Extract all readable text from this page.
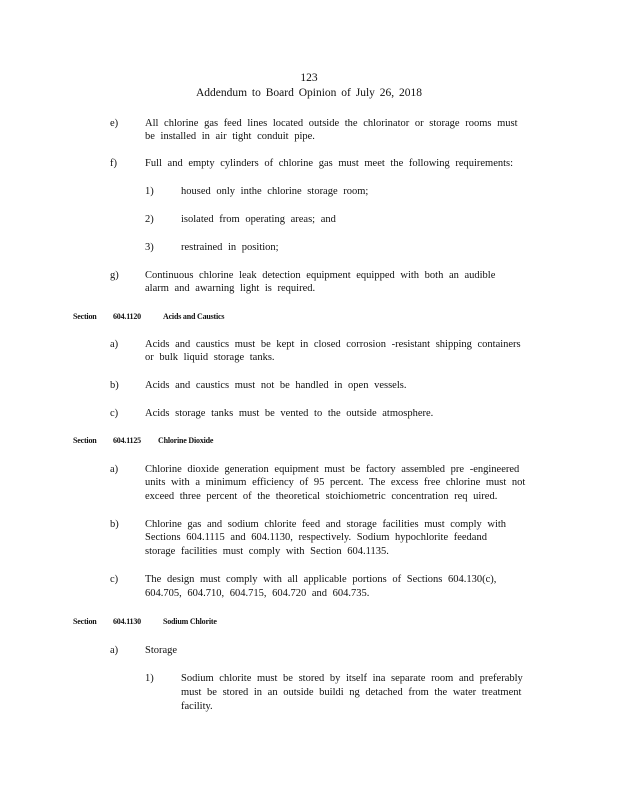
123
Addendum to Board Opinion of July 26, 2018
e)	All chlorine gas feed lines located outside the chlorinator or storage rooms must
be installed in air tight conduit pipe.
f)	Full and empty cylinders of chlorine gas must meet the following requirements:
1)	housed only inthe chlorine storage room;
2)	isolated from operating areas; and
3)	restrained in position;
g)	Continuous chlorine leak detection equipment equipped with both an audible
alarm and awarning light is required.
Section 604.1120	Acids and Caustics
a)	Acids and caustics must be kept in closed corrosion -resistant shipping containers
or bulk liquid storage tanks.
b)	Acids and caustics must not be handled in open vessels.
c)	Acids storage tanks must be vented to the outside atmosphere.
Section 604.1125 Chlorine Dioxide
a)	Chlorine dioxide generation equipment must be factory assembled pre -engineered
units with a minimum efficiency of 95 percent. The excess free chlorine must not
exceed three percent of the theoretical stoichiometric concentration req uired.
b)	Chlorine gas and sodium chlorite feed and storage facilities must comply with
Sections 604.1115 and 604.1130, respectively. Sodium hypochlorite feedand
storage facilities must comply with Section 604.1135.
c)	The design must comply with all applicable portions of Sections 604.130(c),
604.705, 604.710, 604.715, 604.720 and 604.735.
Section 604.1130	Sodium Chlorite
a)	Storage
1)	Sodium chlorite must be stored by itself ina separate room and preferably
must be stored in an outside buildi ng detached from the water treatment
facility.
